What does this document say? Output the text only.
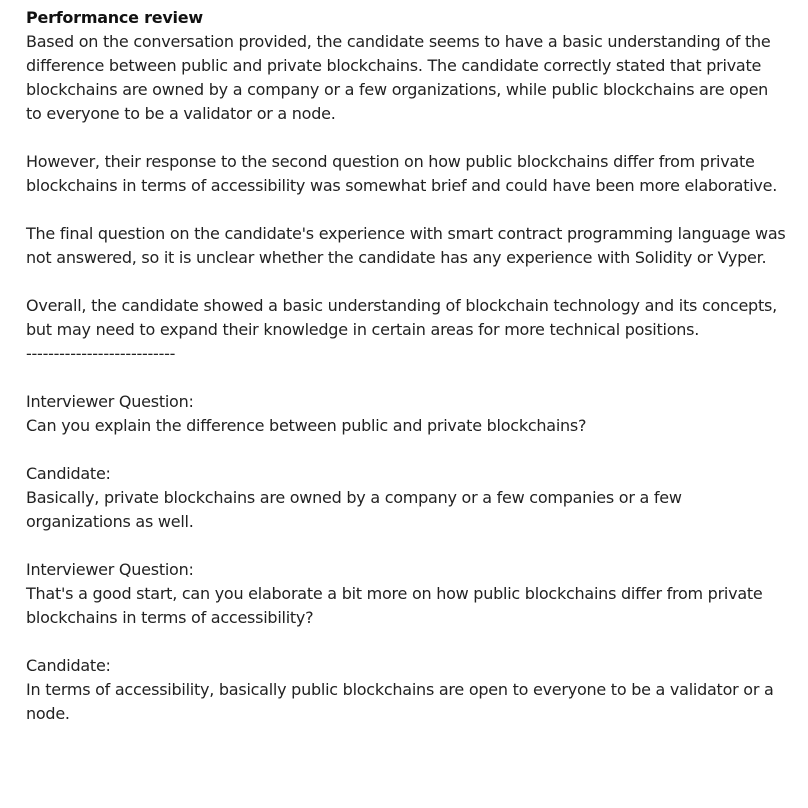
Performance review

Based on the conversation provided, the candidate seems to have a basic understanding of the difference between public and private blockchains. The candidate correctly stated that private blockchains are owned by a company or a few organizations, while public blockchains are open to everyone to be a validator or a node.

However, their response to the second question on how public blockchains differ from private blockchains in terms of accessibility was somewhat brief and could have been more elaborative.

The final question on the candidate's experience with smart contract programming language was not answered, so it is unclear whether the candidate has any experience with Solidity or Vyper.

Overall, the candidate showed a basic understanding of blockchain technology and its concepts, but may need to expand their knowledge in certain areas for more technical positions.

---------------------------

Interviewer Question:

Can you explain the difference between public and private blockchains?

Candidate:

Basically, private blockchains are owned by a company or a few companies or a few organizations as well.

Interviewer Question:

That's a good start, can you elaborate a bit more on how public blockchains differ from private blockchains in terms of accessibility?

Candidate:

In terms of accessibility, basically public blockchains are open to everyone to be a validator or a node.
